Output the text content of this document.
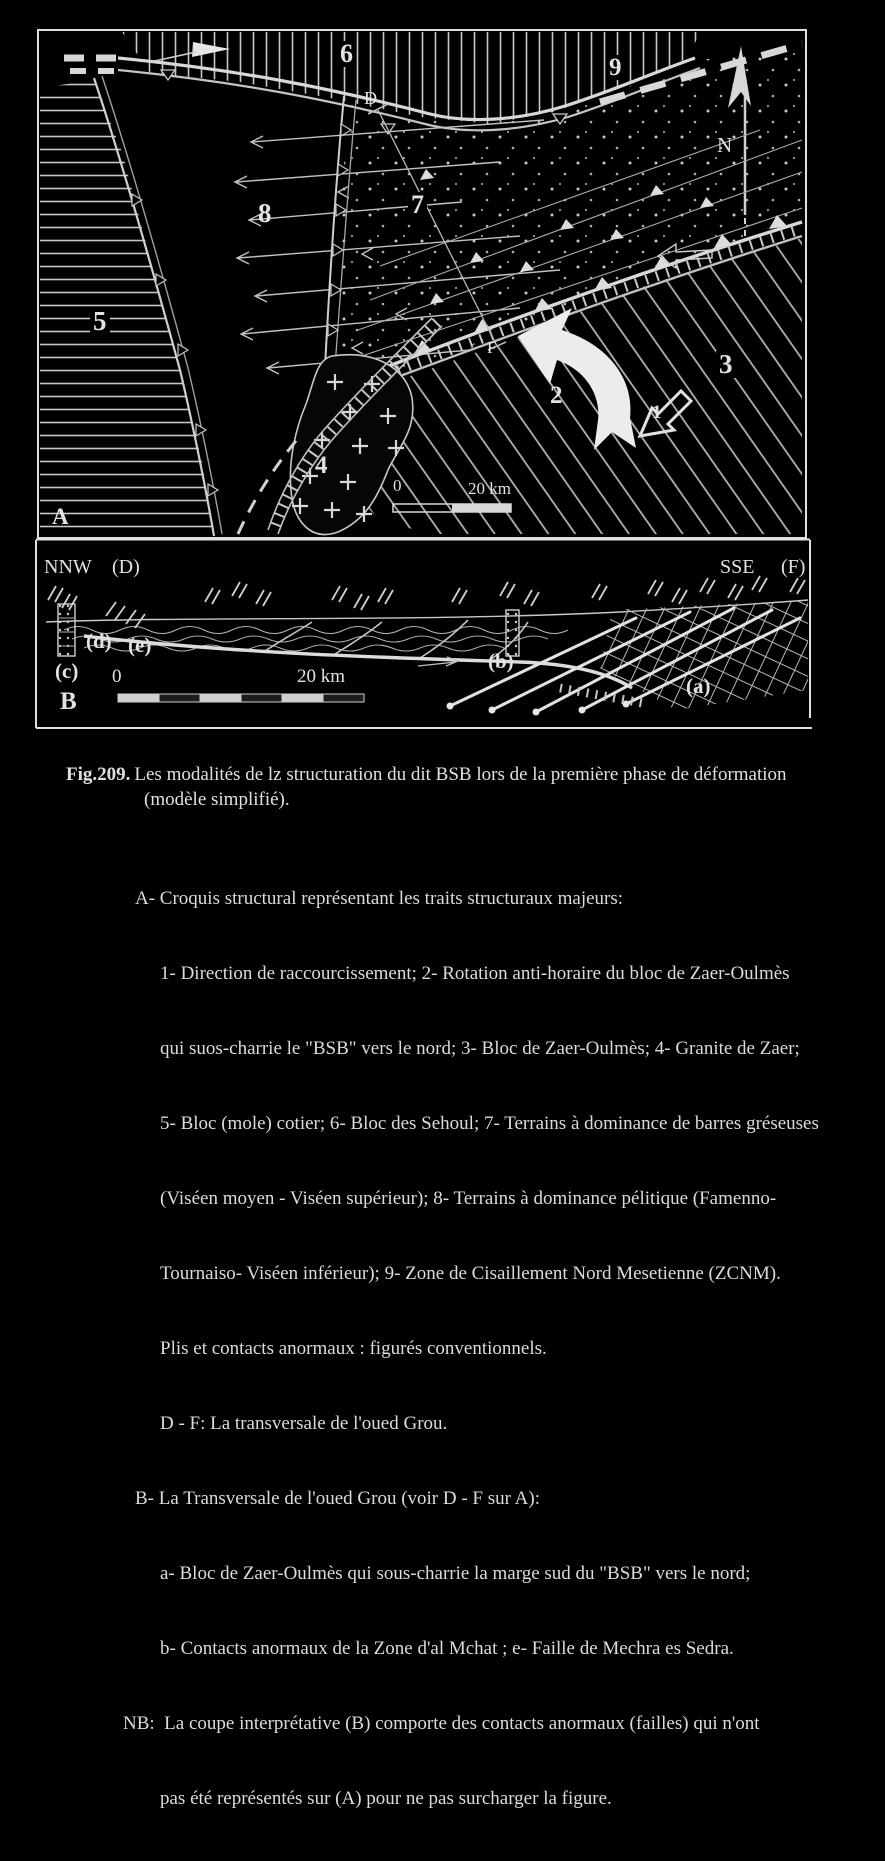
A
5
8	7
6	9
3
2
1
4
D
F
N
0	20 km
NNW (D)	SSE (F)
(d) (e)
(c)	(b)
(a)
B
0	20 km
Fig.209. Les modalités de lz structuration du dit BSB lors de la première phase de déformation
(modèle simplifié).

A- Croquis structural représentant les traits structuraux majeurs:

1- Direction de raccourcissement; 2- Rotation anti-horaire du bloc de Zaer-Oulmès

qui suos-charrie le "BSB" vers le nord; 3- Bloc de Zaer-Oulmès; 4- Granite de Zaer;

5- Bloc (mole) cotier; 6- Bloc des Sehoul; 7- Terrains à dominance de barres gréseuses

(Viséen moyen - Viséen supérieur); 8- Terrains à dominance pélitique (Famenno-

Tournaiso- Viséen inférieur); 9- Zone de Cisaillement Nord Mesetienne (ZCNM).

Plis et contacts anormaux : figurés conventionnels.

D - F: La transversale de l'oued Grou.

B- La Transversale de l'oued Grou (voir D - F sur A):

a- Bloc de Zaer-Oulmès qui sous-charrie la marge sud du "BSB" vers le nord;

b- Contacts anormaux de la Zone d'al Mchat ; e- Faille de Mechra es Sedra.

NB:  La coupe interprétative (B) comporte des contacts anormaux (failles) qui n'ont

pas été représentés sur (A) pour ne pas surcharger la figure.
